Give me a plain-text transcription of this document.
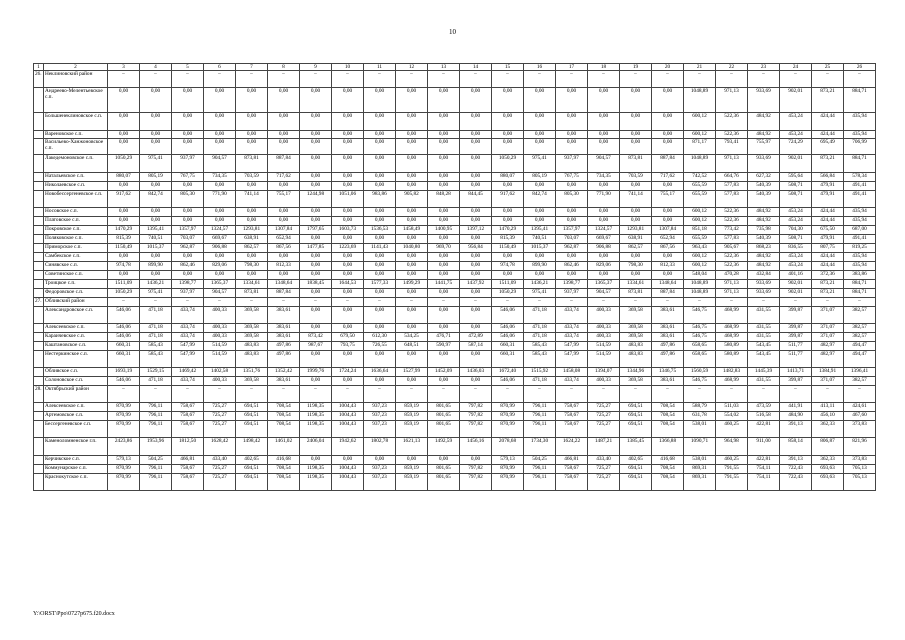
10
1	2	3	4	5	6	7	8	9	10	11	12	13	14	15	16	17	18	19	20	21	22	23	24	25	26
26.	Неклиновский район	–	–	–	–	–	–	–	–	–	–	–	–	–	–	–	–	–	–	–	–	–	–	–	–
	Андреево-Мелентьевское с.п.	0,00	0,00	0,00	0,00	0,00	0,00	0,00	0,00	0,00	0,00	0,00	0,00	0,00	0,00	0,00	0,00	0,00	0,00	1048,89	971,13	933,69	902,01	873,21	884,71
	Большенеклиновское с.п.	0,00	0,00	0,00	0,00	0,00	0,00	0,00	0,00	0,00	0,00	0,00	0,00	0,00	0,00	0,00	0,00	0,00	0,00	600,12	522,36	484,92	453,24	424,44	435,94
	Вареновское с.п.	0,00	0,00	0,00	0,00	0,00	0,00	0,00	0,00	0,00	0,00	0,00	0,00	0,00	0,00	0,00	0,00	0,00	0,00	600,12	522,36	484,92	453,24	424,44	435,94
	Васильево-Ханжоновское с.п.	0,00	0,00	0,00	0,00	0,00	0,00	0,00	0,00	0,00	0,00	0,00	0,00	0,00	0,00	0,00	0,00	0,00	0,00	871,17	793,41	755,97	724,29	695,49	706,99
	Лакедемоновское с.п.	1050,29	975,41	937,97	904,57	873,81	887,84	0,00	0,00	0,00	0,00	0,00	0,00	1050,29	975,41	937,97	904,57	873,81	887,84	1048,89	971,13	933,69	902,01	873,21	884,71
	Натальевское с.п.	880,07	805,19	767,75	734,35	703,59	717,62	0,00	0,00	0,00	0,00	0,00	0,00	880,07	805,19	767,75	734,35	703,59	717,62	742,52	664,76	627,32	595,64	566,84	578,34
	Николаевское с.п.	0,00	0,00	0,00	0,00	0,00	0,00	0,00	0,00	0,00	0,00	0,00	0,00	0,00	0,00	0,00	0,00	0,00	0,00	655,59	577,83	540,39	508,71	479,91	491,41
	Новобессергеневское с.п.	917,62	842,74	805,30	771,90	741,14	755,17	1244,98	1051,06	983,86	905,82	848,28	844,45	917,62	842,74	805,30	771,90	741,14	755,17	655,59	577,83	540,39	508,71	479,91	491,41
	Носовское с.п.	0,00	0,00	0,00	0,00	0,00	0,00	0,00	0,00	0,00	0,00	0,00	0,00	0,00	0,00	0,00	0,00	0,00	0,00	600,12	522,36	484,92	453,24	424,44	435,94
	Платовское с.п.	0,00	0,00	0,00	0,00	0,00	0,00	0,00	0,00	0,00	0,00	0,00	0,00	0,00	0,00	0,00	0,00	0,00	0,00	600,12	522,36	484,92	453,24	424,44	435,94
	Покровское с.п.	1470,29	1395,41	1357,97	1324,57	1293,81	1307,84	1797,65	1603,73	1536,53	1458,49	1400,95	1397,12	1470,29	1395,41	1357,97	1324,57	1293,81	1307,84	851,18	773,42	735,98	704,30	675,50	687,00
	Поляковское с.п.	815,39	740,51	703,07	669,67	638,91	652,94	0,00	0,00	0,00	0,00	0,00	0,00	815,39	740,51	703,07	669,67	638,91	652,94	655,59	577,83	540,39	508,71	479,91	491,41
	Приморское с.п.	1150,49	1015,37	962,87	906,88	862,57	867,56	1477,85	1223,69	1141,43	1040,80	969,70	956,84	1150,49	1015,37	962,87	906,88	862,57	867,56	963,43	905,67	868,23	836,55	807,75	819,25
	Самбекское с.п.	0,00	0,00	0,00	0,00	0,00	0,00	0,00	0,00	0,00	0,00	0,00	0,00	0,00	0,00	0,00	0,00	0,00	0,00	600,12	522,36	484,92	453,24	424,44	435,94
	Синявское с.п.	974,78	899,90	862,46	829,06	798,30	812,33	0,00	0,00	0,00	0,00	0,00	0,00	974,78	899,90	862,46	829,06	798,30	812,33	600,12	522,36	484,92	453,24	424,44	435,94
	Советинское с.п.	0,00	0,00	0,00	0,00	0,00	0,00	0,00	0,00	0,00	0,00	0,00	0,00	0,00	0,00	0,00	0,00	0,00	0,00	548,04	470,28	432,84	401,16	372,36	383,86
	Троицкое с.п.	1511,09	1436,21	1398,77	1365,37	1334,61	1348,64	1838,45	1644,53	1577,33	1499,29	1441,75	1437,92	1511,09	1436,21	1398,77	1365,37	1334,61	1348,64	1048,89	971,13	933,69	902,01	873,21	884,71
	Федоровское с.п.	1050,29	975,41	937,97	904,57	873,81	887,84	0,00	0,00	0,00	0,00	0,00	0,00	1050,29	975,41	937,97	904,57	873,81	887,84	1048,89	971,13	933,69	902,01	873,21	884,71
27.	Обливский район	–	–	–	–	–	–	–	–	–	–	–	–	–	–	–	–	–	–	–	–	–	–	–	–
	Александровское с.п.	546,06	471,18	433,74	400,33	369,58	383,61	0,00	0,00	0,00	0,00	0,00	0,00	546,06	471,18	433,74	400,33	369,58	383,61	546,75	468,99	431,55	399,87	371,07	382,57
	Алексеевское с.п.	546,06	471,18	433,74	400,33	369,58	383,61	0,00	0,00	0,00	0,00	0,00	0,00	546,06	471,18	433,74	400,33	369,58	383,61	546,75	468,99	431,55	399,87	371,07	382,57
	Караичевское с.п.	546,06	471,18	433,74	400,33	369,58	383,61	873,42	679,50	612,30	534,25	476,71	472,89	546,06	471,18	433,74	400,33	369,58	383,61	546,75	468,99	431,55	399,87	371,07	382,57
	Каштановское с.п.	660,31	585,43	547,99	514,59	483,83	497,86	987,67	793,75	726,55	648,51	590,97	587,14	660,31	585,43	547,99	514,59	483,83	497,86	658,65	580,89	543,45	511,77	482,97	494,47
	Нестеркинское с.п.	660,31	585,43	547,99	514,59	483,83	497,86	0,00	0,00	0,00	0,00	0,00	0,00	660,31	585,43	547,99	514,59	483,83	497,86	658,65	580,89	543,45	511,77	482,97	494,47
	Обливское с.п.	1693,19	1529,15	1469,42	1402,58	1351,76	1352,42	1999,76	1724,24	1636,64	1527,99	1452,09	1436,03	1672,40	1515,92	1458,08	1394,07	1344,96	1346,75	1560,59	1482,83	1445,39	1413,71	1384,91	1396,41
	Солоновское с.п.	546,06	471,18	433,74	400,33	369,58	383,61	0,00	0,00	0,00	0,00	0,00	0,00	546,06	471,18	433,74	400,33	369,58	383,61	546,75	468,99	431,55	399,87	371,07	382,57
28.	Октябрьский район	–	–	–	–	–	–	–	–	–	–	–	–	–	–	–	–	–	–	–	–	–	–	–	–
	Алексеевское с.п.	870,99	796,11	758,67	725,27	694,51	708,54	1198,35	1004,43	937,23	859,19	801,65	797,82	870,99	796,11	758,67	725,27	694,51	708,54	588,79	511,03	473,59	441,91	413,11	424,61
	Артемовское с.п.	870,99	796,11	758,67	725,27	694,51	708,54	1198,35	1004,43	937,23	859,19	801,65	797,82	870,99	796,11	758,67	725,27	694,51	708,54	631,78	554,02	516,58	484,90	456,10	467,60
	Бессергеневское с.п.	870,99	796,11	758,67	725,27	694,51	708,54	1198,35	1004,43	937,23	859,19	801,65	797,82	870,99	796,11	758,67	725,27	694,51	708,54	538,01	460,25	422,81	391,13	362,33	373,83
	Каменоломненское г.п.	2423,86	1953,96	1812,50	1628,42	1498,42	1461,02	2406,04	1942,62	1802,78	1621,13	1492,59	1456,16	2078,68	1734,30	1624,22	1487,21	1385,45	1366,88	1090,71	964,98	911,00	858,14	806,87	821,96
	Керчикское с.п.	579,13	504,25	466,81	433,40	402,65	416,68	0,00	0,00	0,00	0,00	0,00	0,00	579,13	504,25	466,81	433,40	402,65	416,68	538,01	460,25	422,81	391,13	362,33	373,83
	Коммунарское с.п.	870,99	796,11	758,67	725,27	694,51	708,54	1198,35	1004,43	937,23	859,19	801,65	797,82	870,99	796,11	758,67	725,27	694,51	708,54	869,31	791,55	754,11	722,43	693,63	705,13
	Краснокутское с.п.	870,99	796,11	758,67	725,27	694,51	708,54	1198,35	1004,43	937,23	859,19	801,65	797,82	870,99	796,11	758,67	725,27	694,51	708,54	869,31	791,55	754,11	722,43	693,63	705,13
Y:\ORST\Ppo\0727p675.f20.docx
